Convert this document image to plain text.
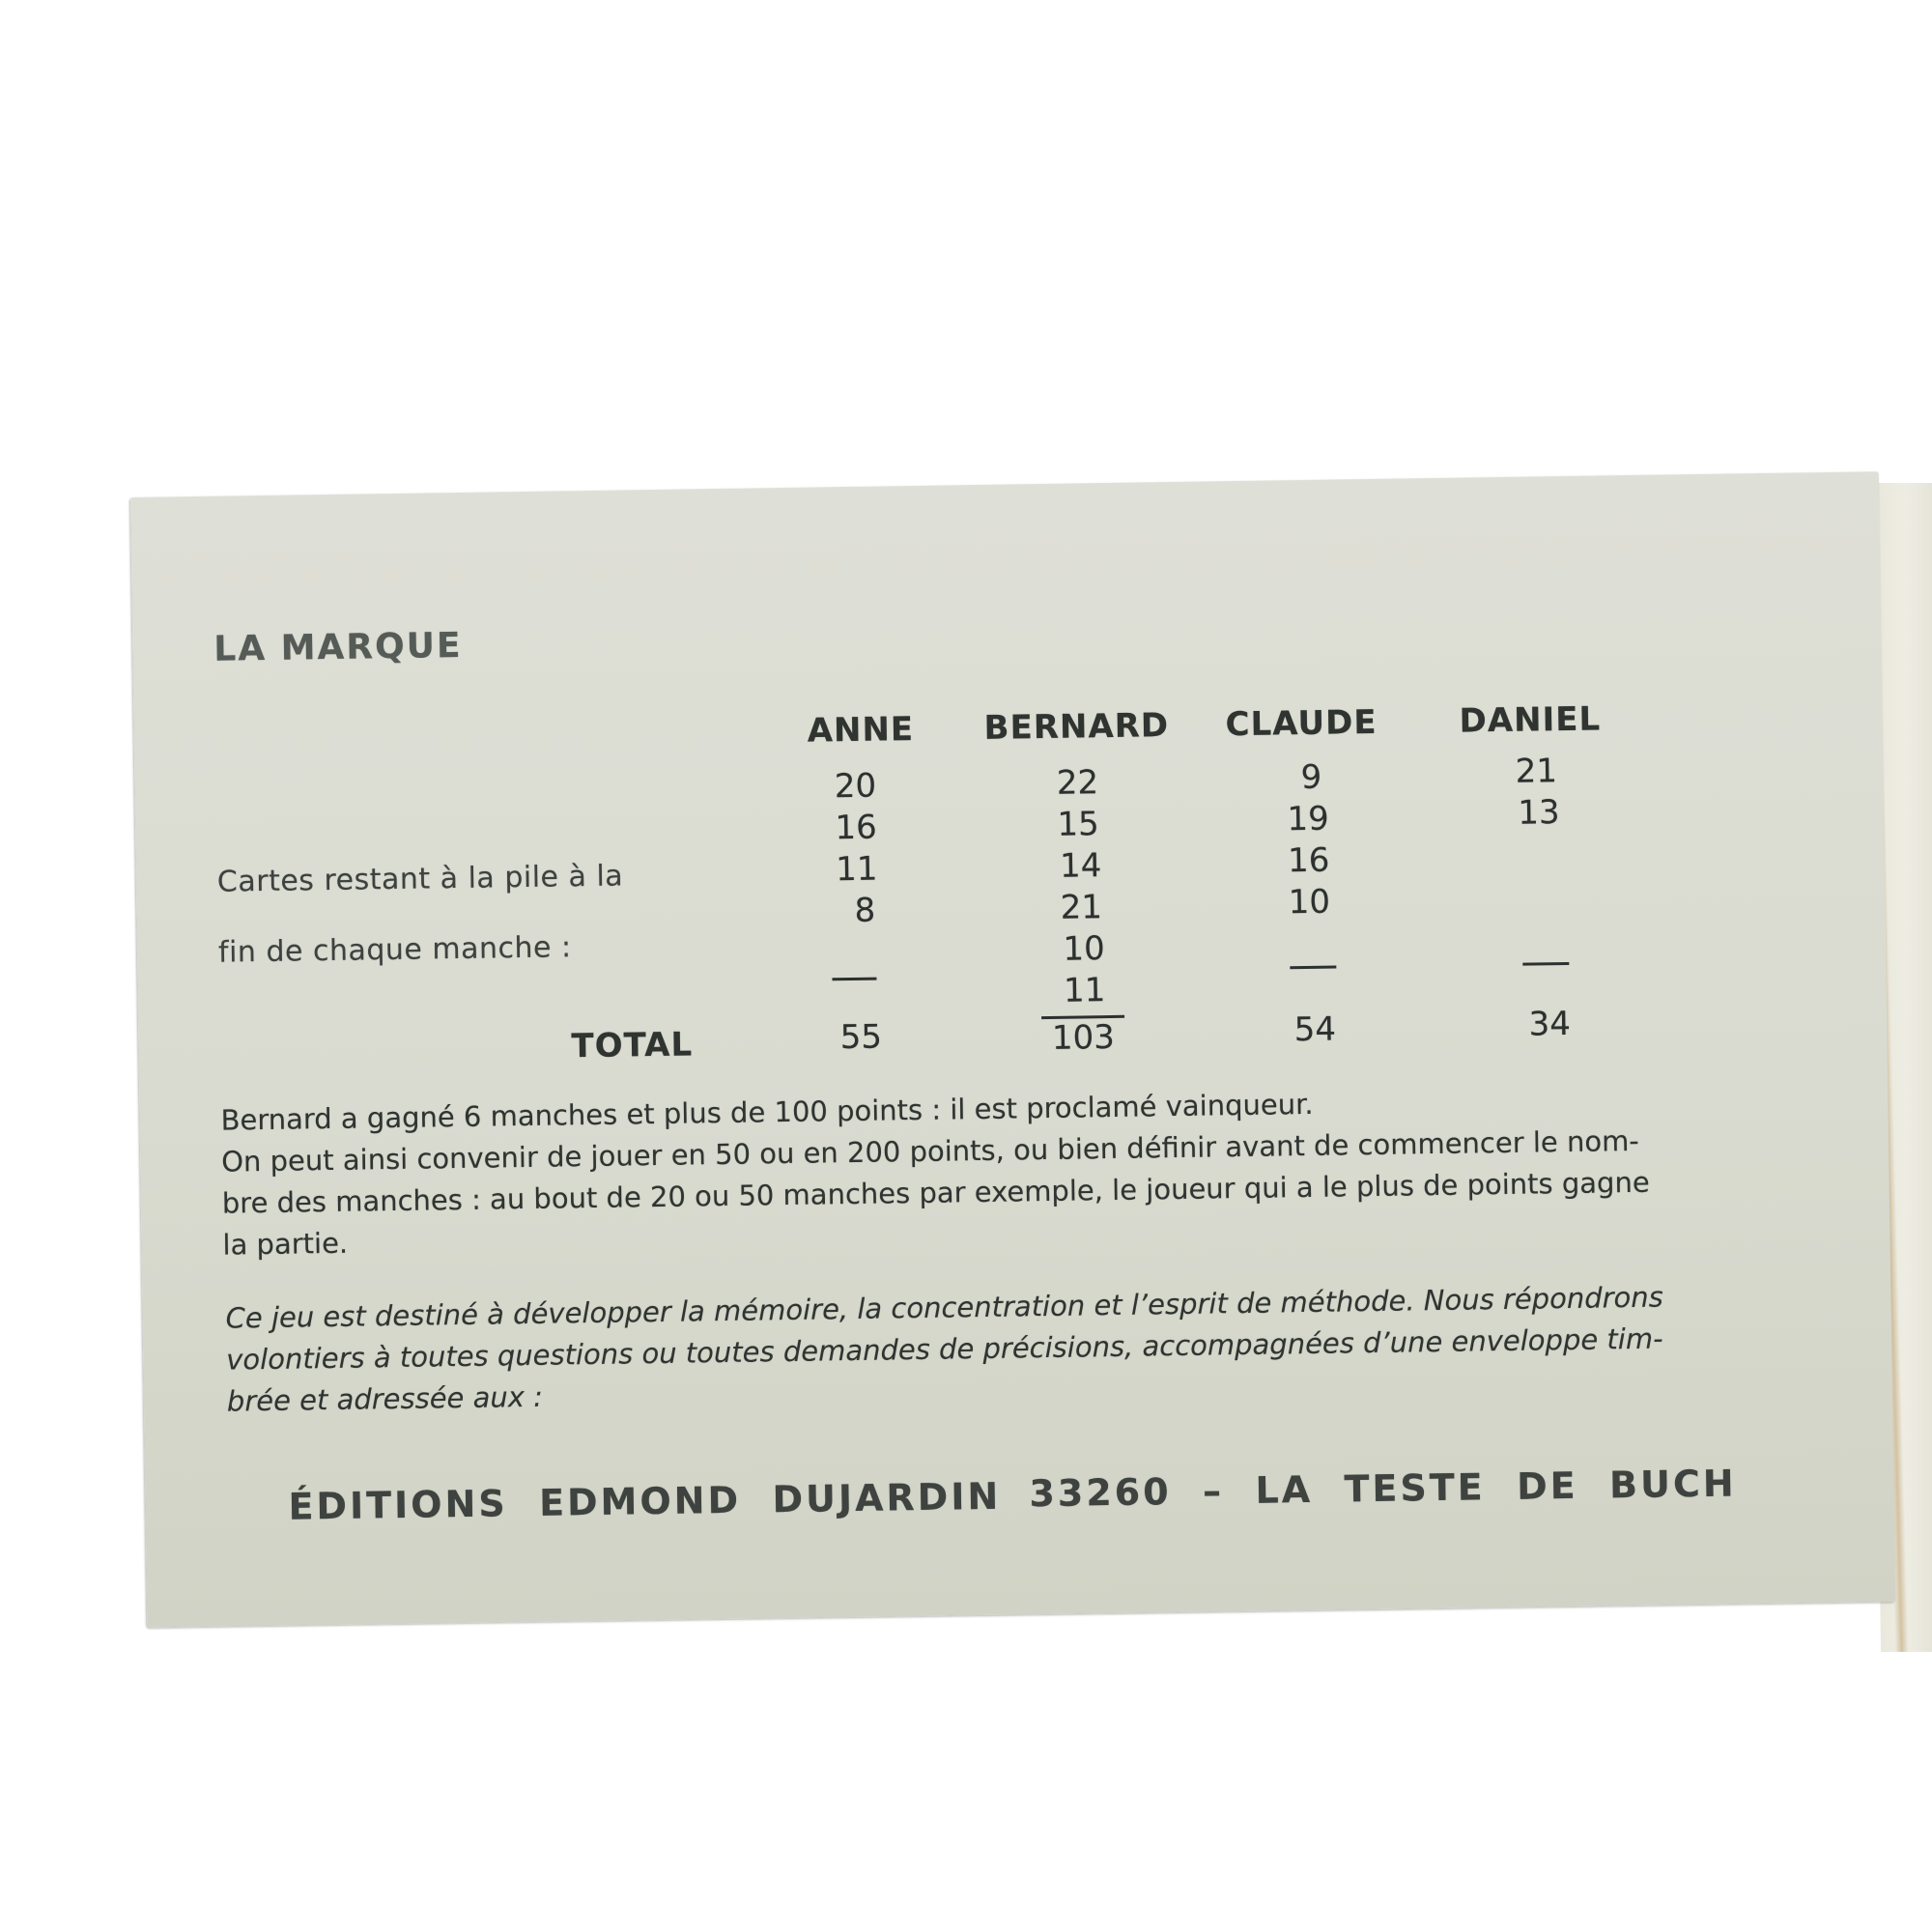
LA MARQUE
ANNE BERNARD CLAUDE DANIEL
20
16
11
8
55
22
15
14
21
10
11
103
9
19
16
10
54
21
13
34
Cartes restant à la pile à la
fin de chaque manche :
TOTAL
Bernard a gagné 6 manches et plus de 100 points : il est proclamé vainqueur.
On peut ainsi convenir de jouer en 50 ou en 200 points, ou bien définir avant de commencer le nom-
bre des manches : au bout de 20 ou 50 manches par exemple, le joueur qui a le plus de points gagne
la partie.
Ce jeu est destiné à développer la mémoire, la concentration et l’esprit de méthode. Nous répondrons
volontiers à toutes questions ou toutes demandes de précisions, accompagnées d’une enveloppe tim-
brée et adressée aux :
ÉDITIONS  EDMOND  DUJARDIN 33260  –  LA  TESTE  DE  BUCH
